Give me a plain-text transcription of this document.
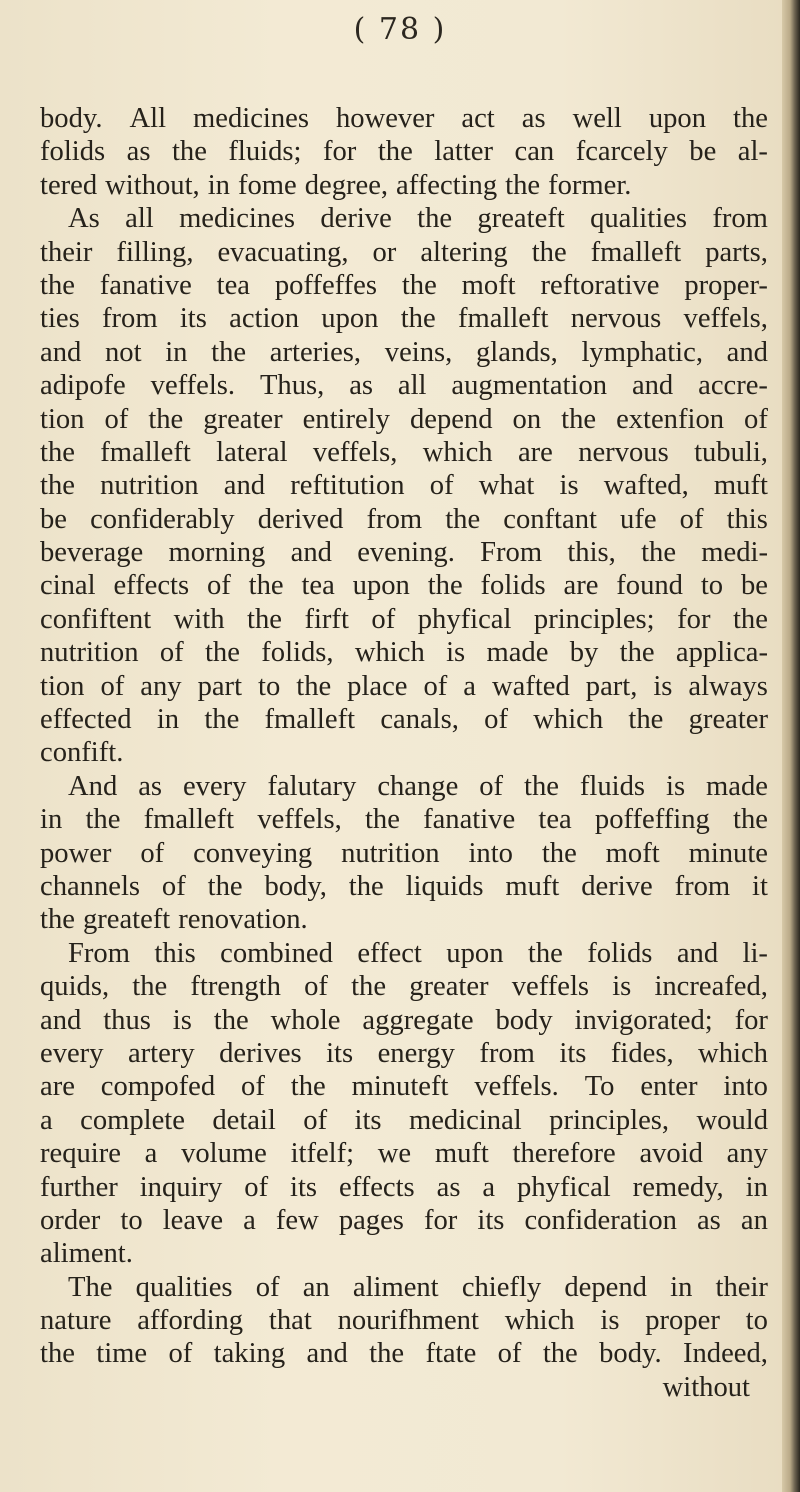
( 78 )
body. All medicines however act as well upon the
folids as the fluids; for the latter can fcarcely be al-
tered without, in fome degree, affecting the former.
As all medicines derive the greateft qualities from
their filling, evacuating, or altering the fmalleft parts,
the fanative tea poffeffes the moft reftorative proper-
ties from its action upon the fmalleft nervous veffels,
and not in the arteries, veins, glands, lymphatic, and
adipofe veffels. Thus, as all augmentation and accre-
tion of the greater entirely depend on the extenfion of
the fmalleft lateral veffels, which are nervous tubuli,
the nutrition and reftitution of what is wafted, muft
be confiderably derived from the conftant ufe of this
beverage morning and evening. From this, the medi-
cinal effects of the tea upon the folids are found to be
confiftent with the firft of phyfical principles; for the
nutrition of the folids, which is made by the applica-
tion of any part to the place of a wafted part, is always
effected in the fmalleft canals, of which the greater
confift.
And as every falutary change of the fluids is made
in the fmalleft veffels, the fanative tea poffeffing the
power of conveying nutrition into the moft minute
channels of the body, the liquids muft derive from it
the greateft renovation.
From this combined effect upon the folids and li-
quids, the ftrength of the greater veffels is increafed,
and thus is the whole aggregate body invigorated; for
every artery derives its energy from its fides, which
are compofed of the minuteft veffels. To enter into
a complete detail of its medicinal principles, would
require a volume itfelf; we muft therefore avoid any
further inquiry of its effects as a phyfical remedy, in
order to leave a few pages for its confideration as an
aliment.
The qualities of an aliment chiefly depend in their
nature affording that nourifhment which is proper to
the time of taking and the ftate of the body. Indeed,
without
